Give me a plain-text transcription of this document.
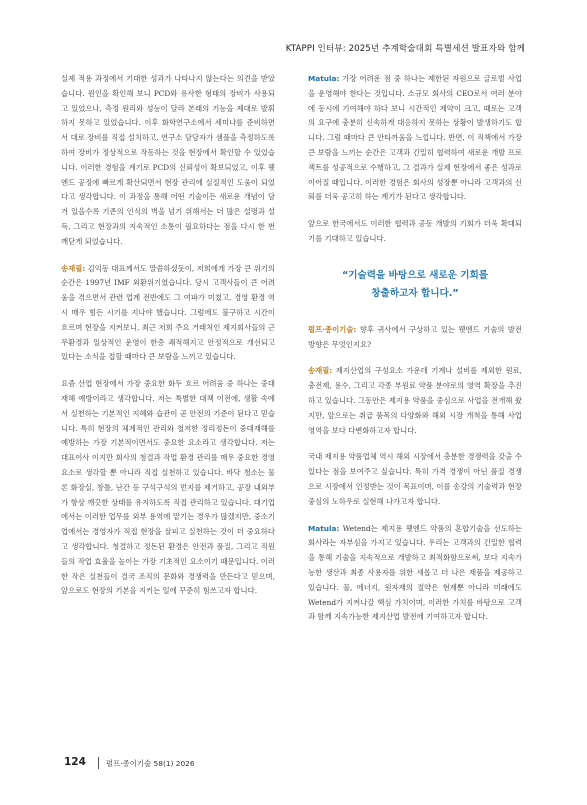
KTAPPI 인터뷰: 2025년 추계학술대회 특별세션 발표자와 함께

실제 적용 과정에서 기대한 성과가 나타나지 않는다는 의견을 받았습니다. 원인을 확인해 보니 PCD와 유사한 형태의 장비가 사용되고 있었으나, 측정 원리와 성능이 달라 본래의 기능을 제대로 발휘하지 못하고 있었습니다. 이후 화학연구소에서 세미나를 준비하면서 대로 장비를 직접 설치하고, 연구소 담당자가 샘플을 측정하도록 하여 장비가 정상적으로 작동하는 것을 현장에서 확인할 수 있었습니다. 이러한 경험을 계기로 PCD의 신뢰성이 확보되었고, 이후 웻엔드 공정에 빠르게 확산되면서 현장 관리에 실질적인 도움이 되었다고 생각합니다. 이 과정을 통해 어떤 기술이든 새로운 개념이 담겨 있을수록 기존의 인식의 벽을 넘기 위해서는 더 많은 설명과 설득, 그리고 현장과의 지속적인 소통이 필요하다는 점을 다시 한 번 깨닫게 되었습니다.

송재필: 김익동 대표께서도 말씀하셨듯이, 저희에게 가장 큰 위기의 순간은 1997년 IMF 외환위기였습니다. 당시 고객사들이 큰 어려움을 겪으면서 관련 업계 전반에도 그 여파가 미쳤고, 경영 환경 역시 매우 힘든 시기를 지나야 했습니다. 그럼에도 불구하고 시간이 흐르며 현장을 지켜보니, 최근 저희 주요 거래처인 제지회사들의 근무환경과 일상적인 운영이 한층 쾌적해지고 안정적으로 개선되고 있다는 소식을 접할 때마다 큰 보람을 느끼고 있습니다.

요즘 산업 현장에서 가장 중요한 화두 흐르 어려움 중 하나는 중대재해 예방이라고 생각합니다. 저는 특별한 대책 이전에, 생활 속에서 실천하는 기본적인 지혜와 습관이 곧 안전의 기준이 된다고 믿습니다. 특히 현장의 체계적인 관리와 철저한 정리정돈이 중대재해를 예방하는 가장 기본적이면서도 중요한 요소라고 생각합니다. 저는 대표이사 이지만 회사의 청결과 작업 환경 관리를 매우 중요한 경영 요소로 생각할 뿐 아니라 직접 실천하고 있습니다. 바닥 청소는 물론 화장실, 창틀, 난간 등 구석구석의 먼지를 제거하고, 공장 내외부가 항상 깨끗한 상태를 유지하도록 직접 관리하고 있습니다. 대기업에서는 이러한 업무를 외부 용역에 맡기는 경우가 많겠지만, 중소기업에서는 경영자가 직접 현장을 살피고 실천하는 것이 더 중요하다고 생각합니다. 청결하고 정돈된 환경은 안전과 품질, 그리고 직원들의 작업 효율을 높이는 가장 기초적인 요소이기 때문입니다. 이러한 작은 실천들이 결국 조직의 문화와 경쟁력을 만든다고 믿으며, 앞으로도 현장의 기본을 지키는 일에 꾸준히 힘쓰고자 합니다.

Matula: 가장 어려운 점 중 하나는 제한된 자원으로 글로벌 사업을 운영해야 한다는 것입니다. 소규모 회사의 CEO로서 여러 분야에 동시에 기여해야 하다 보니 시간적인 제약이 크고, 때로는 고객의 요구에 충분히 신속하게 대응하지 못하는 상황이 발생하기도 합니다. 그럼 때마다 큰 안타까움을 느낍니다. 반면, 이 직책에서 가장 큰 보람을 느끼는 순간은 고객과 긴밀히 협력하여 새로운 개발 프로젝트를 성공적으로 수행하고, 그 결과가 실제 현장에서 좋은 성과로 이어질 때입니다. 이러한 경험은 회사의 성장뿐 아니라 고객과의 신뢰를 더욱 공고히 하는 계기가 된다고 생각합니다.

앞으로 한국에서도 이러한 협력과 공동 개발의 기회가 더욱 확대되기를 기대하고 있습니다.

“기술력을 바탕으로 새로운 기회를
창출하고자 합니다.”

펄프·종이기술: 향후 귀사에서 구상하고 있는 웻엔드 기술의 발전 방향은 무엇인지요?

송재필: 제지산업의 구성요소 가운데 기계나 설비를 제외한 원료, 충전제, 용수, 그리고 각종 부원료 약품 분야로의 영역 확장을 추진하고 있습니다. 그동안은 제지용 약품을 중심으로 사업을 전개해 왔지만, 앞으로는 취급 품목의 다양화와 해외 시장 개척을 통해 사업 영역을 보다 다변화하고자 합니다.

국내 제지용 약품업체 역시 해외 시장에서 충분한 경쟁력을 갖출 수 있다는 점을 보여주고 싶습니다. 특히 가격 경쟁이 아닌 품질 경쟁으로 시장에서 인정받는 것이 목표이며, 이를 송강의 기술력과 현장 중심의 노하우로 실현해 나가고자 합니다.

Matula: Wetend는 제지용 웻엔드 약품의 혼합기술을 선도하는 회사라는 자부심을 가지고 있습니다. 우리는 고객과의 긴밀한 협력을 통해 기술을 지속적으로 개발하고 최적화함으로써, 보다 지속가능한 생산과 최종 사용자를 위한 새롭고 더 나은 제품을 제공하고 있습니다. 물, 에너지, 원자재의 절약은 현재뿐 아니라 미래에도 Wetend가 지켜나갈 핵심 가치이며, 이러한 가치를 바탕으로 고객과 함께 지속가능한 제지산업 발전에 기여하고자 합니다.

124	펄프·종이기술 58(1) 2026
